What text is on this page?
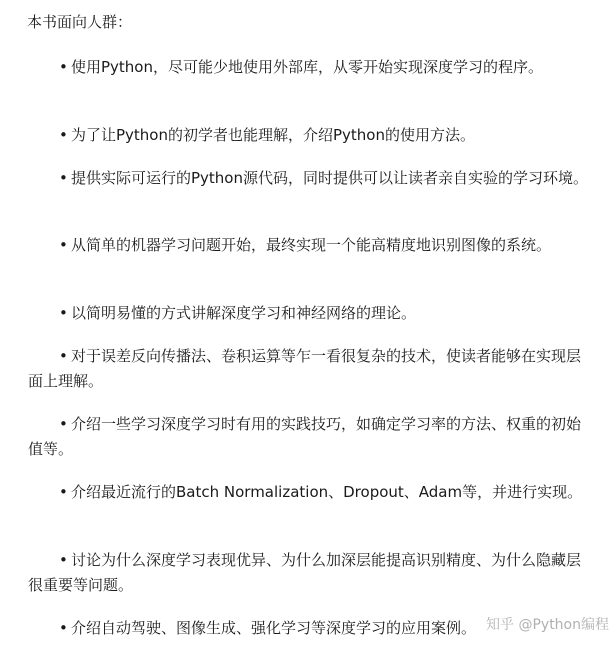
本书面向人群：
• 使用Python，尽可能少地使用外部库，从零开始实现深度学习的程序。
• 为了让Python的初学者也能理解，介绍Python的使用方法。
• 提供实际可运行的Python源代码，同时提供可以让读者亲自实验的学习环境。
• 从简单的机器学习问题开始，最终实现一个能高精度地识别图像的系统。
• 以简明易懂的方式讲解深度学习和神经网络的理论。
• 对于误差反向传播法、卷积运算等乍一看很复杂的技术，使读者能够在实现层面上理解。
• 介绍一些学习深度学习时有用的实践技巧，如确定学习率的方法、权重的初始值等。
• 介绍最近流行的Batch Normalization、Dropout、Adam等，并进行实现。
• 讨论为什么深度学习表现优异、为什么加深层能提高识别精度、为什么隐藏层很重要等问题。
• 介绍自动驾驶、图像生成、强化学习等深度学习的应用案例。 知乎 @Python编程
